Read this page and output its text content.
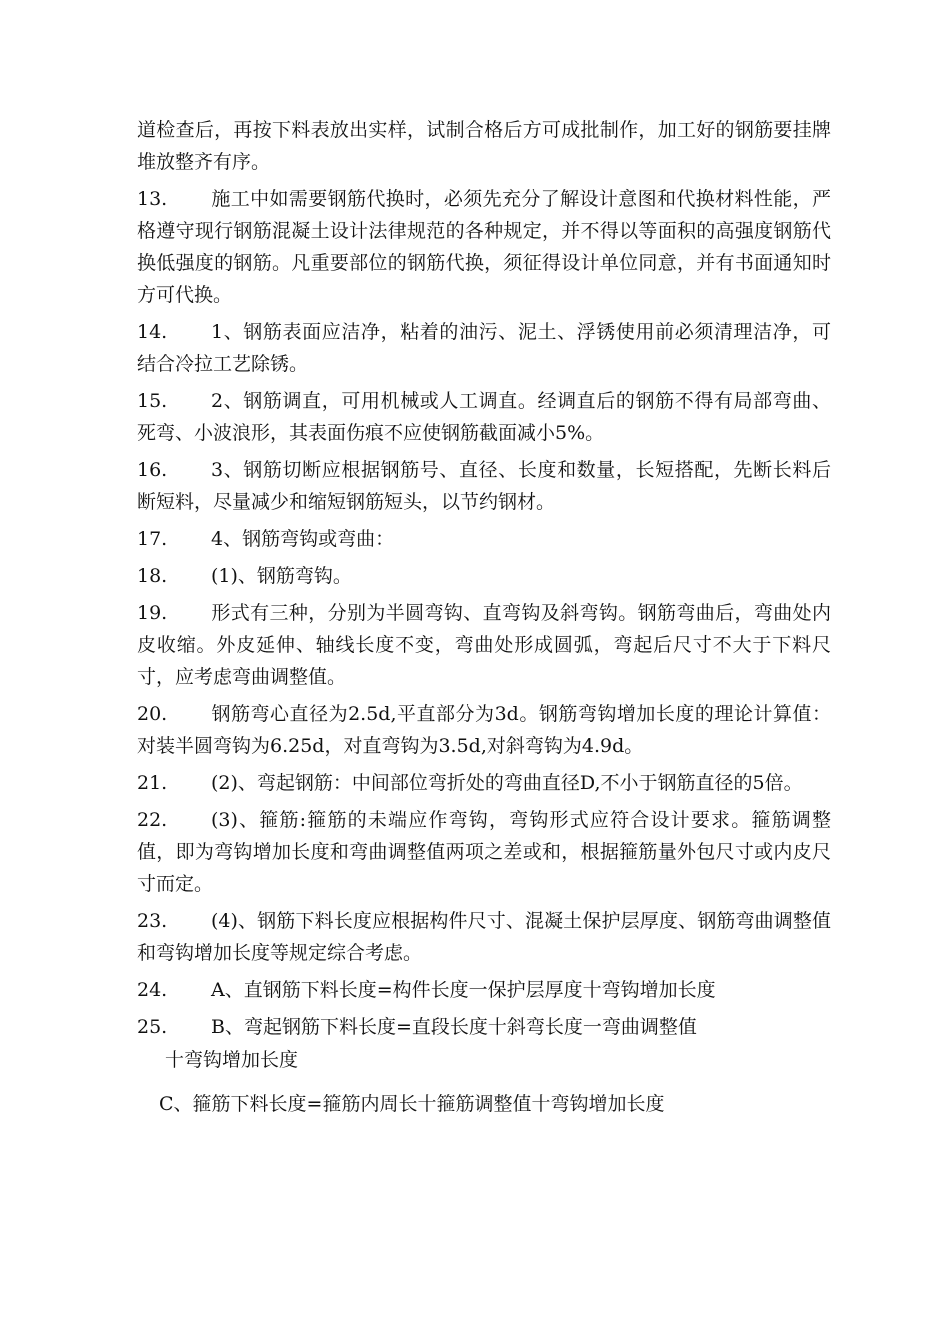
道检查后，再按下料表放出实样，试制合格后方可成批制作，加工好的钢筋要挂牌堆放整齐有序。

13. 施工中如需要钢筋代换时，必须先充分了解设计意图和代换材料性能，严格遵守现行钢筋混凝土设计法律规范的各种规定，并不得以等面积的高强度钢筋代换低强度的钢筋。凡重要部位的钢筋代换，须征得设计单位同意，并有书面通知时方可代换。

14. 1、钢筋表面应洁净，粘着的油污、泥土、浮锈使用前必须清理洁净，可结合冷拉工艺除锈。

15. 2、钢筋调直，可用机械或人工调直。经调直后的钢筋不得有局部弯曲、死弯、小波浪形，其表面伤痕不应使钢筋截面减小5%。

16. 3、钢筋切断应根据钢筋号、直径、长度和数量，长短搭配，先断长料后断短料，尽量减少和缩短钢筋短头，以节约钢材。

17. 4、钢筋弯钩或弯曲：

18. (1)、钢筋弯钩。

19. 形式有三种，分别为半圆弯钩、直弯钩及斜弯钩。钢筋弯曲后，弯曲处内皮收缩。外皮延伸、轴线长度不变，弯曲处形成圆弧，弯起后尺寸不大于下料尺寸，应考虑弯曲调整值。

20. 钢筋弯心直径为2.5d,平直部分为3d。钢筋弯钩增加长度的理论计算值：对装半圆弯钩为6.25d，对直弯钩为3.5d,对斜弯钩为4.9d。

21. (2)、弯起钢筋：中间部位弯折处的弯曲直径D,不小于钢筋直径的5倍。

22. (3)、箍筋:箍筋的未端应作弯钩，弯钩形式应符合设计要求。箍筋调整值，即为弯钩增加长度和弯曲调整值两项之差或和，根据箍筋量外包尺寸或内皮尺寸而定。

23. (4)、钢筋下料长度应根据构件尺寸、混凝土保护层厚度、钢筋弯曲调整值和弯钩增加长度等规定综合考虑。

24. A、直钢筋下料长度=构件长度一保护层厚度十弯钩增加长度

25. B、弯起钢筋下料长度=直段长度十斜弯长度一弯曲调整值

十弯钩增加长度

C、箍筋下料长度=箍筋内周长十箍筋调整值十弯钩增加长度
